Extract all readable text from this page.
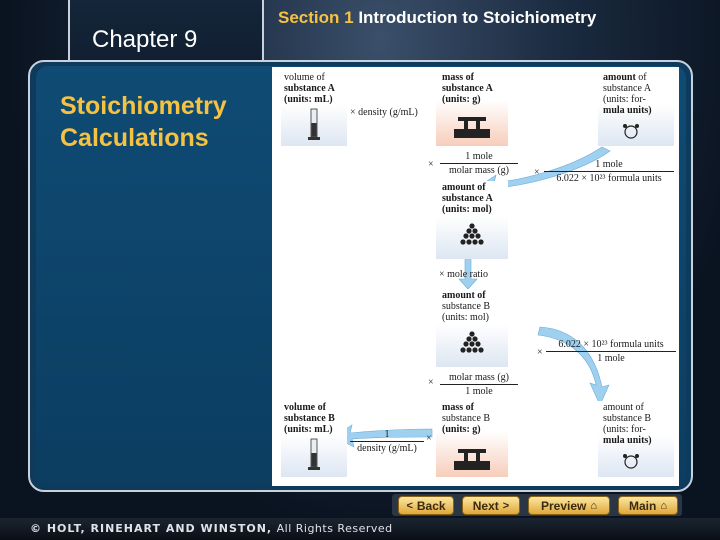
Chapter 9
Section 1 Introduction to Stoichiometry
Stoichiometry
Calculations
volume of
substance A
(units: mL)
× density (g/mL)
mass of
substance A
(units: g)
amount of
substance A
(units: for-
mula units)
×
1 mole
molar mass (g)	×
1 mole
6.022 × 10²³ formula units
amount of
substance A
(units: mol)
× mole ratio
amount of
substance B
(units: mol)
×
6.022 × 10²³ formula units
1 mole
×	molar mass (g)
1 mole
volume of
substance B
(units: mL)	1
density (g/mL)
×
mass of
substance B
(units: g)
amount of
substance B
(units: for-
mula units)
< Back Next >	Preview ⌂	Main ⌂
© HOLT, RINEHART AND WINSTON, All Rights Reserved
